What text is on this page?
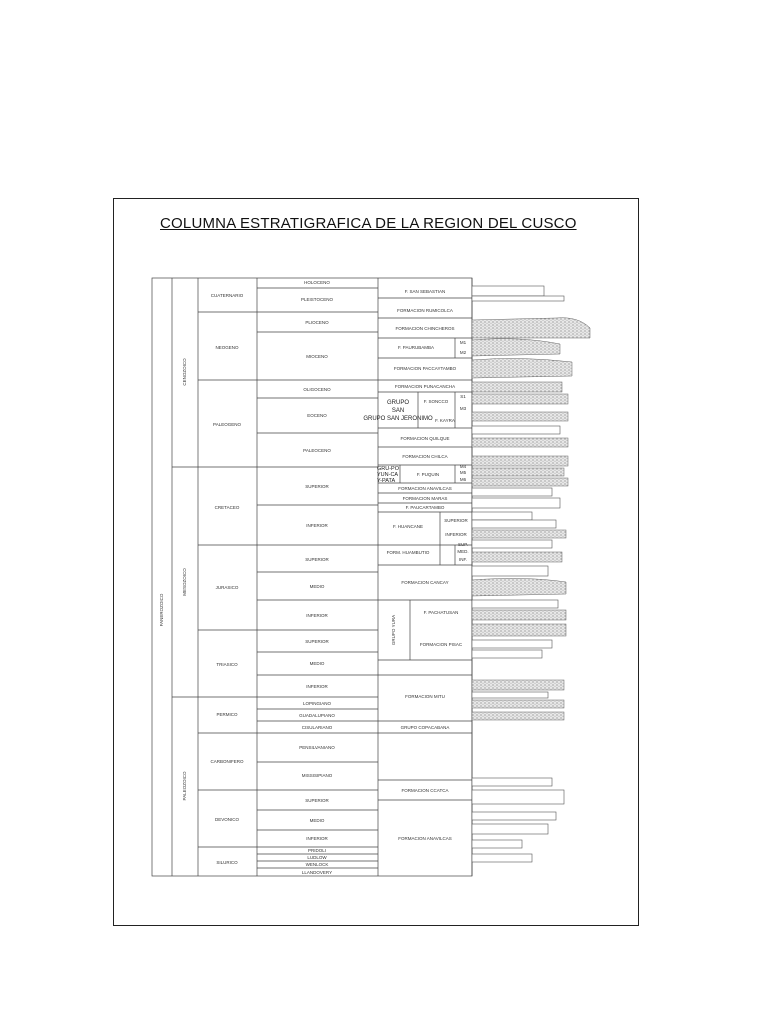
COLUMNA ESTRATIGRAFICA DE LA REGION DEL CUSCO
FANEROZOICO
CENOZOICO
MESOZOICO
PALEOZOICO
CUATERNARIO
NEOGENO
PALEOGENO
CRETACEO
JURASICO
TRIASICO
PERMICO
CARBONIFERO
DEVONICO
SILURICO
HOLOCENO
PLEISTOCENO
PLIOCENO
MIOCENO
OLIGOCENO
EOCENO
PALEOCENO
SUPERIOR
INFERIOR
SUPERIOR
MEDIO
INFERIOR
SUPERIOR
MEDIO
INFERIOR
LOPINGIANO
GUADALUPIANO
CISULARIANO
PENSILVANIANO
MISSISIPIANO
SUPERIOR
MEDIO
INFERIOR
PRIDOLI
LUDLOW
WENLOCK
LLANDOVERY
F. SAN SEBASTIAN
FORMACION RUMICOLCA
FORMACION CHINCHEROS
F. PAURUBAMBA
FORMACION PACCAYTAMBO
FORMACION PUNACANCHA
GRUPO
SAN
GRUPO SAN JERONIMO
F. SONCCO
F. KAYRA
FORMACION QUILQUE
FORMACION CHILCA
F. PUQUIN
FORMACION ANAVILCAS
FORMACION MARAS
F. PAUCARTAMBO
F. HUANCANE
FORM. HUAMBUTIO
FORMACION CANCAY
GRUPO YURA
F. PACHATUSAN
FORMACION PISAC
FORMACION MITU
GRUPO COPACABANA
FORMACION CCATCA
FORMACION ANAVILCAS
M1
M2
S1
M3
M4
M5
M6
SUPERIOR
INFERIOR
SUP.
MED.
INF.
GRU-PO YUN-CAY-PATA
